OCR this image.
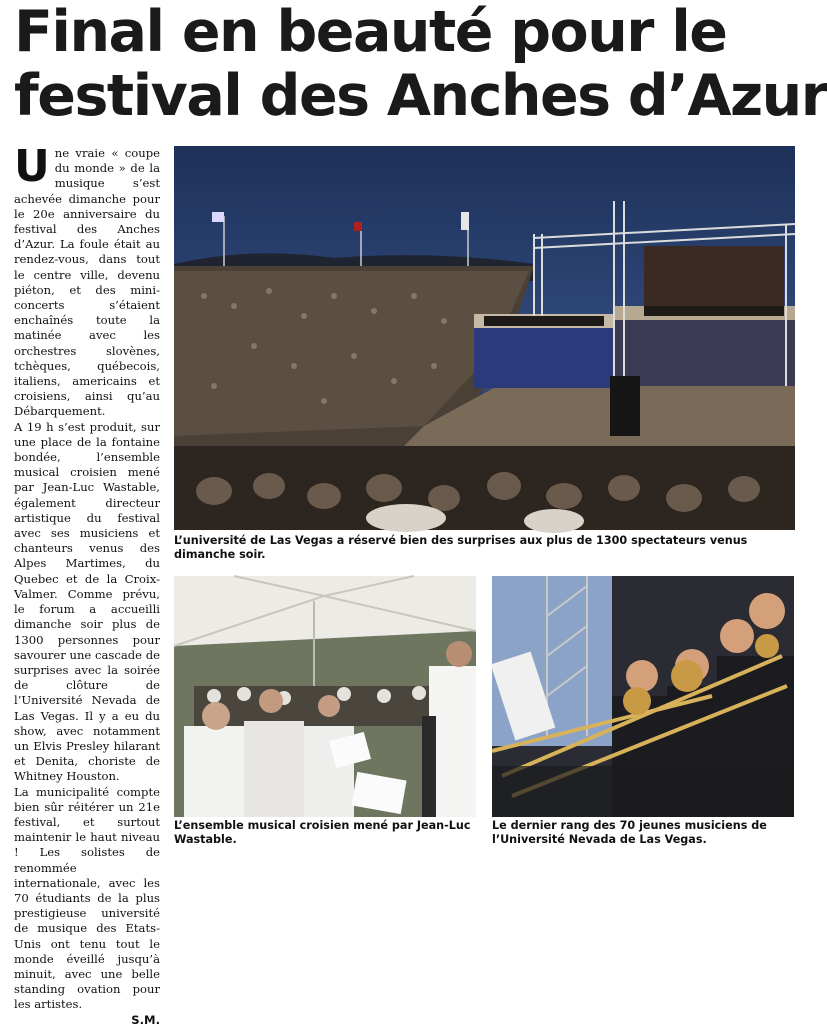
Final en beauté pour le
festival des Anches d’Azur
U ne vraie « coupe du monde » de la musique s’est achevée dimanche pour le 20e anniversaire du festival des Anches d’Azur. La foule était au rendez-vous, dans tout le centre ville, devenu piéton, et des mini-concerts s’étaient enchaînés toute la matinée avec les orchestres slovènes, tchèques, québecois, italiens, americains et croisiens, ainsi qu’au Débarquement.

A 19 h s’est produit, sur une place de la fontaine bondée, l’ensemble musical croisien mené par Jean-Luc Wastable, également directeur artistique du festival avec ses musiciens et chanteurs venus des Alpes Martimes, du Quebec et de la Croix-Valmer. Comme prévu, le forum a accueilli dimanche soir plus de 1300 personnes pour savourer une cascade de surprises avec la soirée de clôture de l’Université Nevada de Las Vegas. Il y a eu du show, avec notamment un Elvis Presley hilarant et Denita, choriste de Whitney Houston.

La municipalité compte bien sûr réitérer un 21e festival, et surtout maintenir le haut niveau ! Les solistes de renommée internationale, avec les 70 étudiants de la plus prestigieuse université de musique des Etats-Unis ont tenu tout le monde éveillé jusqu’à minuit, avec une belle standing ovation pour les artistes.

S.M.
L’université de Las Vegas a réservé bien des surprises aux plus de 1300 spectateurs venus dimanche soir.
L’ensemble musical croisien mené par Jean-Luc Wastable.
Le dernier rang des 70 jeunes musiciens de l’Université Nevada de Las Vegas.
